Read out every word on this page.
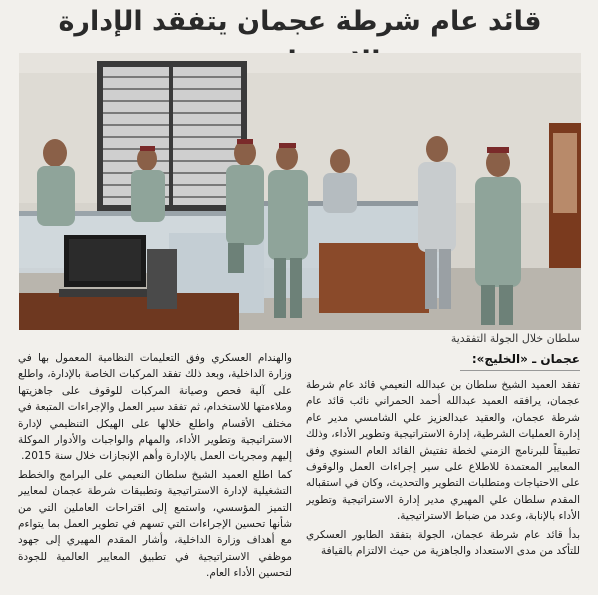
قائد عام شرطة عجمان يتفقد الإدارة
سلطان خلال الجولة التفقدية
عجمان ـ «الخليج»:

تفقد العميد الشيخ سلطان بن عبدالله النعيمي قائد عام شرطة عجمان، يرافقه العميد عبدالله أحمد الحمراني نائب قائد عام شرطة عجمان، والعقيد عبدالعزيز علي الشامسي مدير عام إدارة العمليات الشرطية، إدارة الاستراتيجية وتطوير الأداء، وذلك تطبيقاً للبرنامج الزمني لخطة تفتيش القائد العام السنوي وفق المعايير المعتمدة للاطلاع على سير إجراءات العمل والوقوف على الاحتياجات ومتطلبات التطوير والتحديث، وكان في استقباله المقدم سلطان علي المهيري مدير إدارة الاستراتيجية وتطوير الأداء بالإنابة، وعدد من ضباط الاستراتيجية.

بدأ قائد عام شرطة عجمان، الجولة بتفقد الطابور العسكري للتأكد من مدى الاستعداد والجاهزية من حيث الالتزام بالقيافة

والهندام العسكري وفق التعليمات النظامية المعمول بها في وزارة الداخلية، وبعد ذلك تفقد المركبات الخاصة بالإدارة، واطلع على آلية فحص وصيانة المركبات للوقوف على جاهزيتها وملاءمتها للاستخدام، ثم تفقد سير العمل والإجراءات المتبعة في مختلف الأقسام واطلع خلالها على الهيكل التنظيمي لإدارة الاستراتيجية وتطوير الأداء، والمهام والواجبات والأدوار الموكلة إليهم ومجريات العمل بالإدارة وأهم الإنجازات خلال سنة 2015.

كما اطلع العميد الشيخ سلطان النعيمي على البرامج والخطط التشغيلية لإدارة الاستراتيجية وتطبيقات شرطة عجمان لمعايير التميز المؤسسي، واستمع إلى اقتراحات العاملين التي من شأنها تحسين الإجراءات التي تسهم في تطوير العمل بما يتواءم مع أهداف وزارة الداخلية، وأشار المقدم المهيري إلى جهود موظفي الاستراتيجية في تطبيق المعايير العالمية للجودة لتحسين الأداء العام.
